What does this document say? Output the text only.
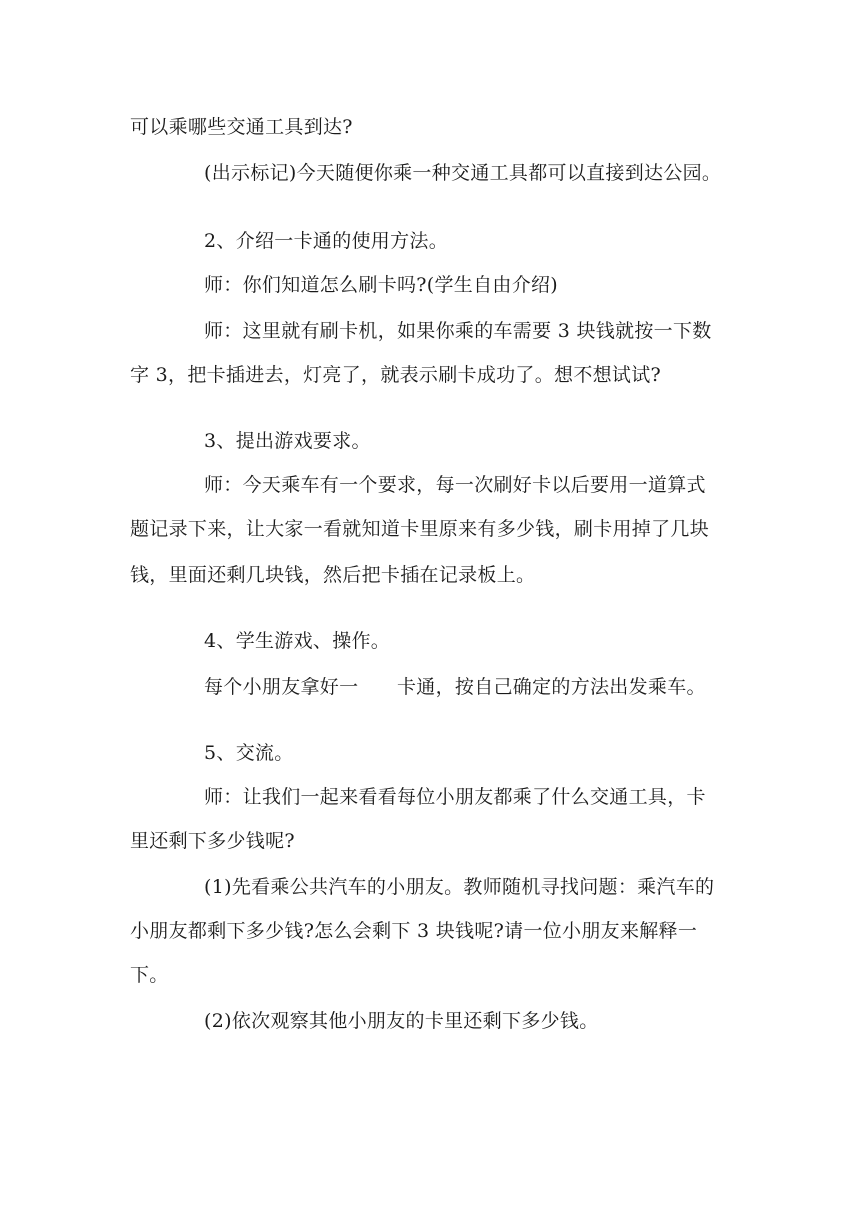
可以乘哪些交通工具到达?
(出示标记)今天随便你乘一种交通工具都可以直接到达公园。
2、介绍一卡通的使用方法。
师：你们知道怎么刷卡吗?(学生自由介绍)
师：这里就有刷卡机，如果你乘的车需要 3 块钱就按一下数
字 3，把卡插进去，灯亮了，就表示刷卡成功了。想不想试试?
3、提出游戏要求。
师：今天乘车有一个要求，每一次刷好卡以后要用一道算式
题记录下来，让大家一看就知道卡里原来有多少钱，刷卡用掉了几块
钱，里面还剩几块钱，然后把卡插在记录板上。
4、学生游戏、操作。
每个小朋友拿好一　　卡通，按自己确定的方法出发乘车。
5、交流。
师：让我们一起来看看每位小朋友都乘了什么交通工具，卡
里还剩下多少钱呢?
(1)先看乘公共汽车的小朋友。教师随机寻找问题：乘汽车的
小朋友都剩下多少钱?怎么会剩下 3 块钱呢?请一位小朋友来解释一
下。
(2)依次观察其他小朋友的卡里还剩下多少钱。
